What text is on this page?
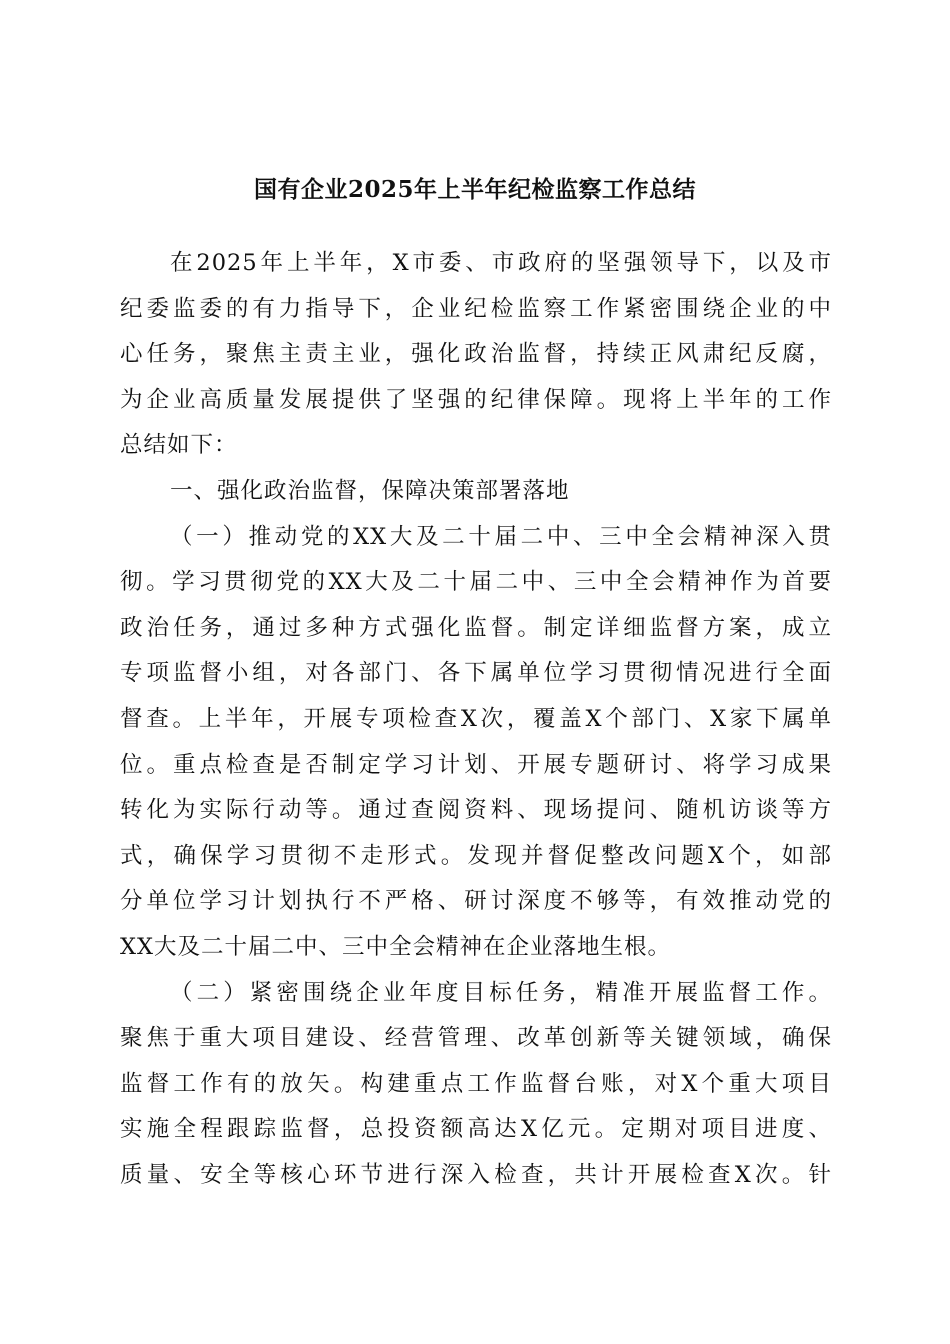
国有企业2025年上半年纪检监察工作总结
在2025年上半年，X市委、市政府的坚强领导下，以及市
纪委监委的有力指导下，企业纪检监察工作紧密围绕企业的中
心任务，聚焦主责主业，强化政治监督，持续正风肃纪反腐，
为企业高质量发展提供了坚强的纪律保障。现将上半年的工作
总结如下：
一、强化政治监督，保障决策部署落地
（一）推动党的XX大及二十届二中、三中全会精神深入贯
彻。学习贯彻党的XX大及二十届二中、三中全会精神作为首要
政治任务，通过多种方式强化监督。制定详细监督方案，成立
专项监督小组，对各部门、各下属单位学习贯彻情况进行全面
督查。上半年，开展专项检查X次，覆盖X个部门、X家下属单
位。重点检查是否制定学习计划、开展专题研讨、将学习成果
转化为实际行动等。通过查阅资料、现场提问、随机访谈等方
式，确保学习贯彻不走形式。发现并督促整改问题X个，如部
分单位学习计划执行不严格、研讨深度不够等，有效推动党的
XX大及二十届二中、三中全会精神在企业落地生根。
（二）紧密围绕企业年度目标任务，精准开展监督工作。
聚焦于重大项目建设、经营管理、改革创新等关键领域，确保
监督工作有的放矢。构建重点工作监督台账，对X个重大项目
实施全程跟踪监督，总投资额高达X亿元。定期对项目进度、
质量、安全等核心环节进行深入检查，共计开展检查X次。针
